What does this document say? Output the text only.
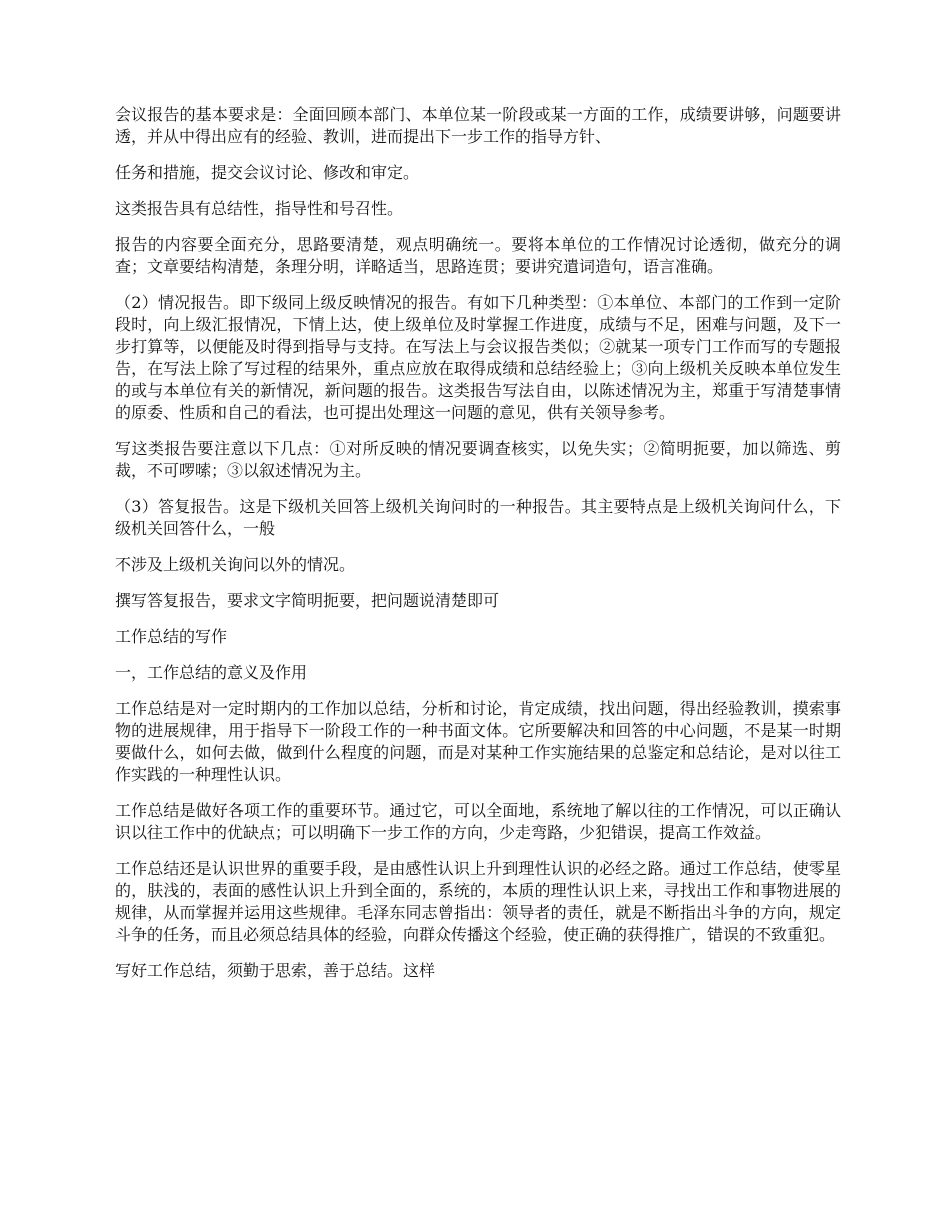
会议报告的基本要求是：全面回顾本部门、本单位某一阶段或某一方面的工作，成绩要讲够，问题要讲透，并从中得出应有的经验、教训，进而提出下一步工作的指导方针、

任务和措施，提交会议讨论、修改和审定。

这类报告具有总结性，指导性和号召性。

报告的内容要全面充分，思路要清楚，观点明确统一。要将本单位的工作情况讨论透彻，做充分的调查；文章要结构清楚，条理分明，详略适当，思路连贯；要讲究遣词造句，语言准确。

（2）情况报告。即下级同上级反映情况的报告。有如下几种类型：①本单位、本部门的工作到一定阶段时，向上级汇报情况，下情上达，使上级单位及时掌握工作进度，成绩与不足，困难与问题，及下一步打算等，以便能及时得到指导与支持。在写法上与会议报告类似；②就某一项专门工作而写的专题报告，在写法上除了写过程的结果外，重点应放在取得成绩和总结经验上；③向上级机关反映本单位发生的或与本单位有关的新情况，新问题的报告。这类报告写法自由，以陈述情况为主，郑重于写清楚事情的原委、性质和自己的看法，也可提出处理这一问题的意见，供有关领导参考。

写这类报告要注意以下几点：①对所反映的情况要调查核实，以免失实；②简明扼要，加以筛选、剪裁，不可啰嗦；③以叙述情况为主。

（3）答复报告。这是下级机关回答上级机关询问时的一种报告。其主要特点是上级机关询问什么，下级机关回答什么，一般

不涉及上级机关询问以外的情况。

撰写答复报告，要求文字简明扼要，把问题说清楚即可

工作总结的写作

一，工作总结的意义及作用

工作总结是对一定时期内的工作加以总结，分析和讨论，肯定成绩，找出问题，得出经验教训，摸索事物的进展规律，用于指导下一阶段工作的一种书面文体。它所要解决和回答的中心问题，不是某一时期要做什么，如何去做，做到什么程度的问题，而是对某种工作实施结果的总鉴定和总结论，是对以往工作实践的一种理性认识。

工作总结是做好各项工作的重要环节。通过它，可以全面地，系统地了解以往的工作情况，可以正确认识以往工作中的优缺点；可以明确下一步工作的方向，少走弯路，少犯错误，提高工作效益。

工作总结还是认识世界的重要手段，是由感性认识上升到理性认识的必经之路。通过工作总结，使零星的，肤浅的，表面的感性认识上升到全面的，系统的，本质的理性认识上来，寻找出工作和事物进展的规律，从而掌握并运用这些规律。毛泽东同志曾指出：领导者的责任，就是不断指出斗争的方向，规定斗争的任务，而且必须总结具体的经验，向群众传播这个经验，使正确的获得推广，错误的不致重犯。

写好工作总结，须勤于思索，善于总结。这样
